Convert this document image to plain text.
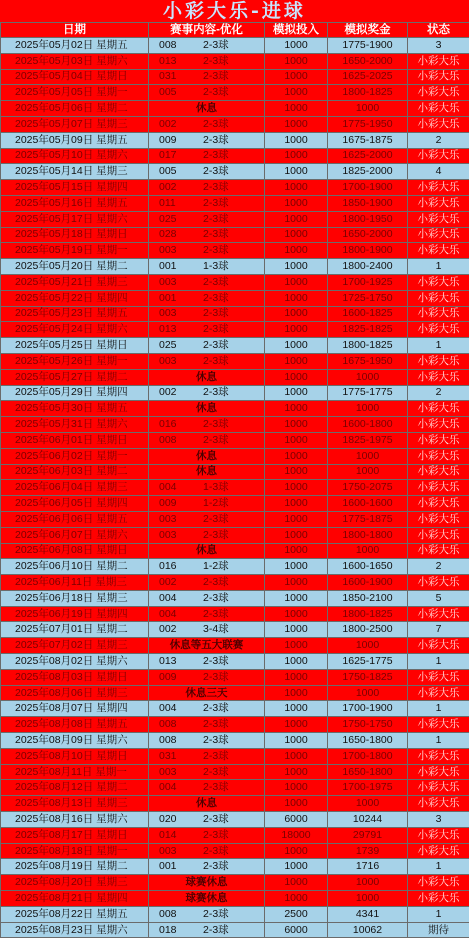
小彩大乐-进球
日期	赛事内容-优化	模拟投入	模拟奖金	状态
2025年05月02日 星期五	008 2-3球	1000	1775-1900	3
2025年05月03日 星期六	013 2-3球	1000	1650-2000	小彩大乐
2025年05月04日 星期日	031 2-3球	1000	1625-2025	小彩大乐
2025年05月05日 星期一	005 2-3球	1000	1800-1825	小彩大乐
2025年05月06日 星期二	休息	1000	1000	小彩大乐
2025年05月07日 星期三	002 2-3球	1000	1775-1950	小彩大乐
2025年05月09日 星期五	009 2-3球	1000	1675-1875	2
2025年05月10日 星期六	017 2-3球	1000	1625-2000	小彩大乐
2025年05月14日 星期三	005 2-3球	1000	1825-2000	4
2025年05月15日 星期四	002 2-3球	1000	1700-1900	小彩大乐
2025年05月16日 星期五	011 2-3球	1000	1850-1900	小彩大乐
2025年05月17日 星期六	025 2-3球	1000	1800-1950	小彩大乐
2025年05月18日 星期日	028 2-3球	1000	1650-2000	小彩大乐
2025年05月19日 星期一	003 2-3球	1000	1800-1900	小彩大乐
2025年05月20日 星期二	001 1-3球	1000	1800-2400	1
2025年05月21日 星期三	003 2-3球	1000	1700-1925	小彩大乐
2025年05月22日 星期四	001 2-3球	1000	1725-1750	小彩大乐
2025年05月23日 星期五	003 2-3球	1000	1600-1825	小彩大乐
2025年05月24日 星期六	013 2-3球	1000	1825-1825	小彩大乐
2025年05月25日 星期日	025 2-3球	1000	1800-1825	1
2025年05月26日 星期一	003 2-3球	1000	1675-1950	小彩大乐
2025年05月27日 星期二	休息	1000	1000	小彩大乐
2025年05月29日 星期四	002 2-3球	1000	1775-1775	2
2025年05月30日 星期五	休息	1000	1000	小彩大乐
2025年05月31日 星期六	016 2-3球	1000	1600-1800	小彩大乐
2025年06月01日 星期日	008 2-3球	1000	1825-1975	小彩大乐
2025年06月02日 星期一	休息	1000	1000	小彩大乐
2025年06月03日 星期二	休息	1000	1000	小彩大乐
2025年06月04日 星期三	004 1-3球	1000	1750-2075	小彩大乐
2025年06月05日 星期四	009 1-2球	1000	1600-1600	小彩大乐
2025年06月06日 星期五	003 2-3球	1000	1775-1875	小彩大乐
2025年06月07日 星期六	003 2-3球	1000	1800-1800	小彩大乐
2025年06月08日 星期日	休息	1000	1000	小彩大乐
2025年06月10日 星期二	016 1-2球	1000	1600-1650	2
2025年06月11日 星期三	002 2-3球	1000	1600-1900	小彩大乐
2025年06月18日 星期三	004 2-3球	1000	1850-2100	5
2025年06月19日 星期四	004 2-3球	1000	1800-1825	小彩大乐
2025年07月01日 星期二	002 3-4球	1000	1800-2500	7
2025年07月02日 星期三	休息等五大联赛	1000	1000	小彩大乐
2025年08月02日 星期六	013 2-3球	1000	1625-1775	1
2025年08月03日 星期日	009 2-3球	1000	1750-1825	小彩大乐
2025年08月06日 星期三	休息三天	1000	1000	小彩大乐
2025年08月07日 星期四	004 2-3球	1000	1700-1900	1
2025年08月08日 星期五	008 2-3球	1000	1750-1750	小彩大乐
2025年08月09日 星期六	008 2-3球	1000	1650-1800	1
2025年08月10日 星期日	031 2-3球	1000	1700-1800	小彩大乐
2025年08月11日 星期一	003 2-3球	1000	1650-1800	小彩大乐
2025年08月12日 星期二	004 2-3球	1000	1700-1975	小彩大乐
2025年08月13日 星期三	休息	1000	1000	小彩大乐
2025年08月16日 星期六	020 2-3球	6000	10244	3
2025年08月17日 星期日	014 2-3球	18000	29791	小彩大乐
2025年08月18日 星期一	003 2-3球	1000	1739	小彩大乐
2025年08月19日 星期二	001 2-3球	1000	1716	1
2025年08月20日 星期三	球赛休息	1000	1000	小彩大乐
2025年08月21日 星期四	球赛休息	1000	1000	小彩大乐
2025年08月22日 星期五	008 2-3球	2500	4341	1
2025年08月23日 星期六	018 2-3球	6000	10062	期待
